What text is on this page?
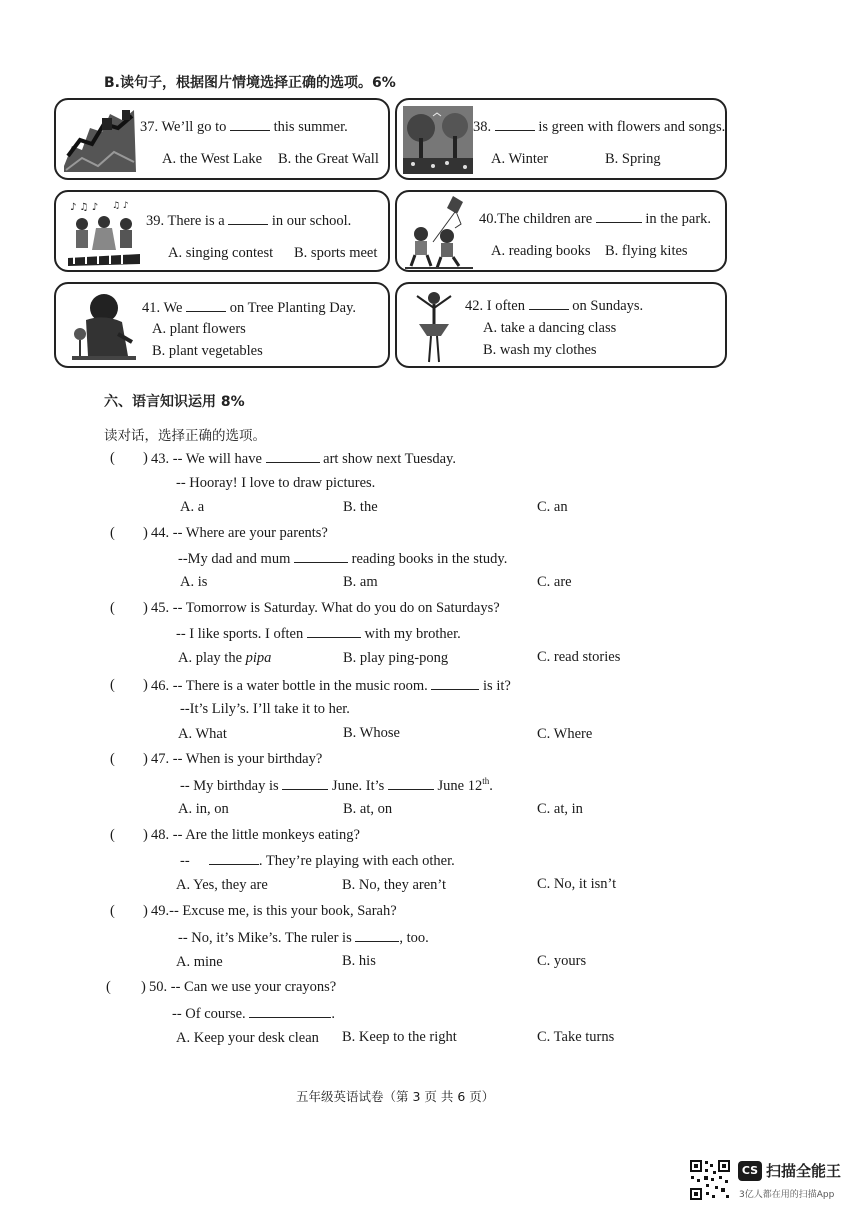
B.读句子，根据图片情境选择正确的选项。6%
37. We’ll go to	this summer.
A. the West Lake B. the Great Wall
38.	is green with flowers and songs.
A. Winter	B. Spring
♪ ♫ ♪ ♫ ♪
39. There is a	in our school.
A. singing contest B. sports meet
40.The children are	in the park.
A. reading books B. flying kites
41. We	on Tree Planting Day.
A. plant flowers
B. plant vegetables
42. I often	on Sundays.
A. take a dancing class
B. wash my clothes
六、语言知识运用 8%
读对话，选择正确的选项。
( ) 43. -- We will have	art show next Tuesday.
-- Hooray! I love to draw pictures.
A. a	B. the	C. an
( ) 44. -- Where are your parents?
--My dad and mum	reading books in the study.
A. is	B. am	C. are
( ) 45. -- Tomorrow is Saturday. What do you do on Saturdays?
-- I like sports. I often	with my brother.
A. play the pipa	B. play ping-pong	C. read stories
( ) 46. -- There is a water bottle in the music room.	is it?
--It’s Lily’s. I’ll take it to her.
A. What	B. Whose	C. Where
( ) 47. -- When is your birthday?
-- My birthday is	June. It’s	June 12th.
A. in, on	B. at, on	C. at, in
( ) 48. -- Are the little monkeys eating?
--	. They’re playing with each other.
A. Yes, they are	B. No, they aren’t	C. No, it isn’t
( ) 49.-- Excuse me, is this your book, Sarah?
-- No, it’s Mike’s. The ruler is	, too.
A. mine	B. his	C. yours
( ) 50. -- Can we use your crayons?
-- Of course.	.
A. Keep your desk clean B. Keep to the right	C. Take turns
五年级英语试卷（第 3 页 共 6 页）
CS 扫描全能王
3亿人都在用的扫描App
